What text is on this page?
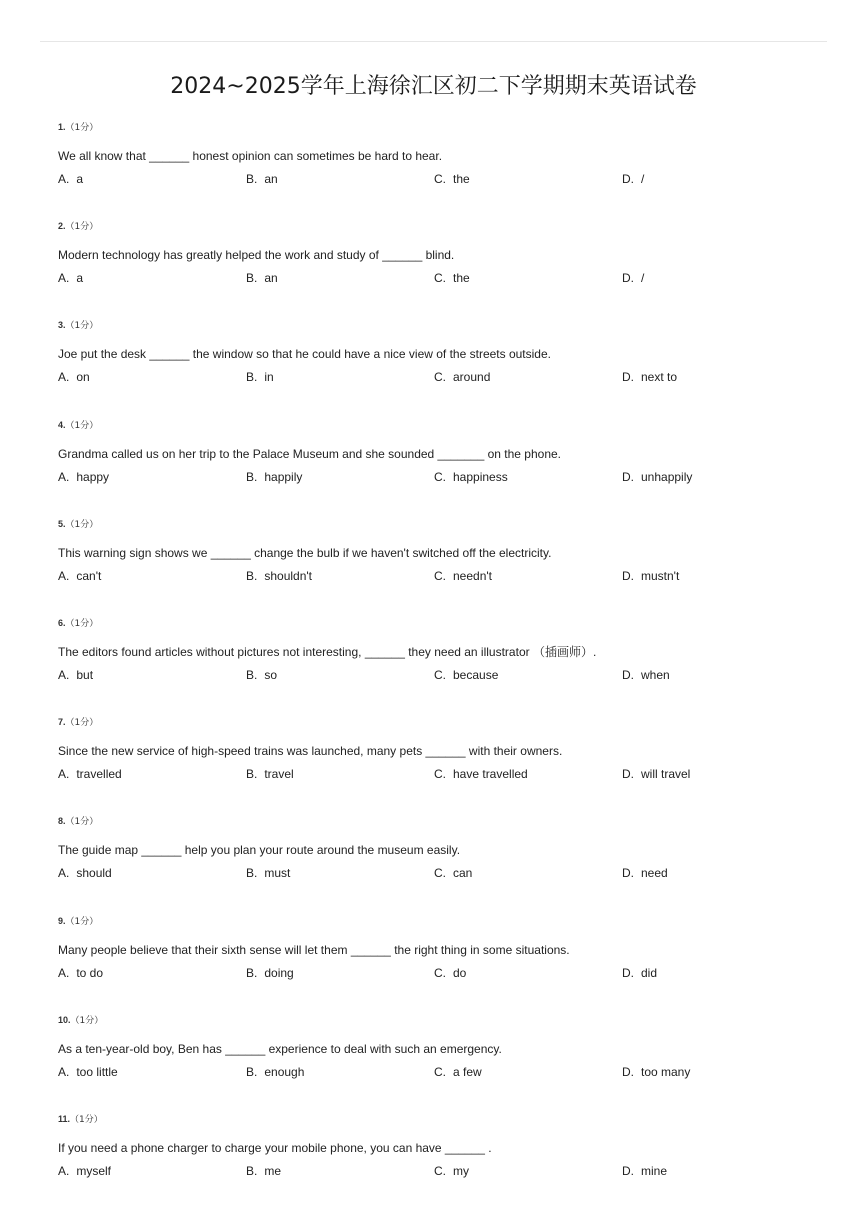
2024~2025学年上海徐汇区初二下学期期末英语试卷
1.（1分）
We all know that ______ honest opinion can sometimes be hard to hear.
A. a	B. an	C. the	D. /
2.（1分）
Modern technology has greatly helped the work and study of ______ blind.
A. a	B. an	C. the	D. /
3.（1分）
Joe put the desk ______ the window so that he could have a nice view of the streets outside.
A. on	B. in	C. around	D. next to
4.（1分）
Grandma called us on her trip to the Palace Museum and she sounded _______ on the phone.
A. happy	B. happily	C. happiness	D. unhappily
5.（1分）
This warning sign shows we ______ change the bulb if we haven't switched off the electricity.
A. can't	B. shouldn't	C. needn't	D. mustn't
6.（1分）
The editors found articles without pictures not interesting, ______ they need an illustrator （插画师）.
A. but	B. so	C. because	D. when
7.（1分）
Since the new service of high-speed trains was launched, many pets ______ with their owners.
A. travelled	B. travel	C. have travelled	D. will travel
8.（1分）
The guide map ______ help you plan your route around the museum easily.
A. should	B. must	C. can	D. need
9.（1分）
Many people believe that their sixth sense will let them ______ the right thing in some situations.
A. to do	B. doing	C. do	D. did
10.（1分）
As a ten-year-old boy, Ben has ______ experience to deal with such an emergency.
A. too little	B. enough	C. a few	D. too many
11.（1分）
If you need a phone charger to charge your mobile phone, you can have ______ .
A. myself	B. me	C. my	D. mine
